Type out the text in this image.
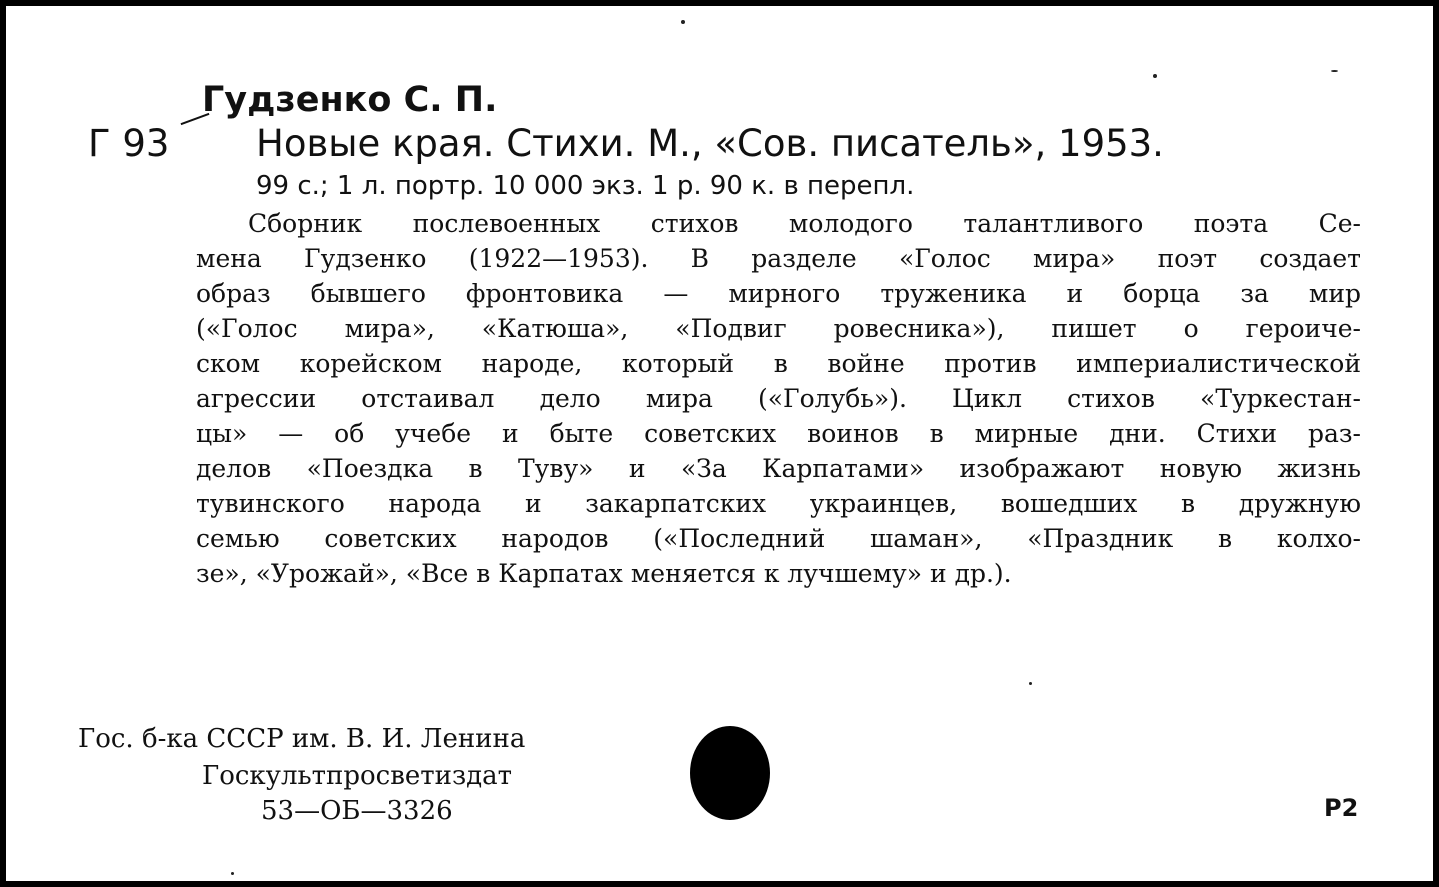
Гудзенко С. П.
Г 93 Новые края. Стихи. М., «Сов. писатель», 1953.
99 с.; 1 л. портр. 10 000 экз. 1 р. 90 к. в перепл.
Сборник послевоенных стихов молодого талантливого поэта Се-
мена Гудзенко (1922—1953). В разделе «Голос мира» поэт создает
образ бывшего фронтовика — мирного труженика и борца за мир
(«Голос мира», «Катюша», «Подвиг ровесника»), пишет о героиче-
ском корейском народе, который в войне против империалистической
агрессии отстаивал дело мира («Голубь»). Цикл стихов «Туркестан-
цы» — об учебе и быте советских воинов в мирные дни. Стихи раз-
делов «Поездка в Туву» и «За Карпатами» изображают новую жизнь
тувинского народа и закарпатских украинцев, вошедших в дружную
семью советских народов («Последний шаман», «Праздник в колхо-
зе», «Урожай», «Все в Карпатах меняется к лучшему» и др.).
Гос. б-ка СССР им. В. И. Ленина
Госкультпросветиздат
53—ОБ—3326	Р2
